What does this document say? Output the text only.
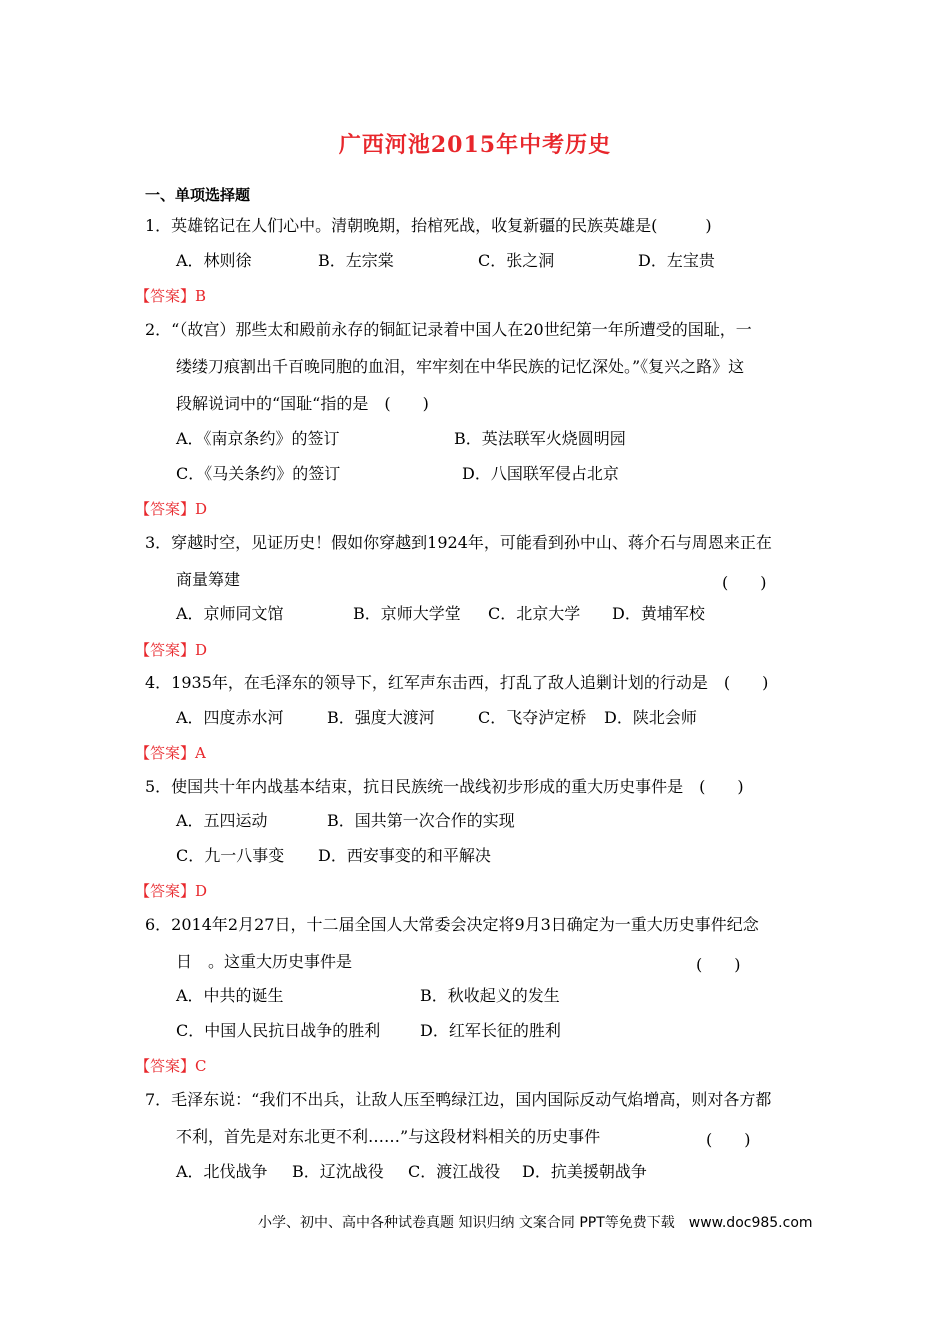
广西河池2015年中考历史
一、单项选择题
1．英雄铭记在人们心中。清朝晚期，抬棺死战，收复新疆的民族英雄是(　　　)
A．林则徐	B．左宗棠	C．张之洞	D．左宝贵
【答案】B
2．“（故宫）那些太和殿前永存的铜缸记录着中国人在20世纪第一年所遭受的国耻，一
缕缕刀痕割出千百晚同胞的血泪，牢牢刻在中华民族的记忆深处。”《复兴之路》这
段解说词中的“国耻“指的是　(　　)
A．《南京条约》的签订	B．英法联军火烧圆明园
C．《马关条约》的签订	D．八国联军侵占北京
【答案】D
3．穿越时空，见证历史！假如你穿越到1924年，可能看到孙中山、蒋介石与周恩来正在
商量筹建	(　　)
A．京师同文馆	B．京师大学堂 C．北京大学 D．黄埔军校
【答案】D
4．1935年，在毛泽东的领导下，红军声东击西，打乱了敌人追剿计划的行动是　(　　)
A．四度赤水河	B．强度大渡河	C．飞夺泸定桥 D．陕北会师
【答案】A
5．使国共十年内战基本结束，抗日民族统一战线初步形成的重大历史事件是　(　　)
A．五四运动	B．国共第一次合作的实现
C．九一八事变 D．西安事变的和平解决
【答案】D
6．2014年2月27日，十二届全国人大常委会决定将9月3日确定为一重大历史事件纪念
日　。这重大历史事件是	(　　)
A．中共的诞生	B．秋收起义的发生
C．中国人民抗日战争的胜利 D．红军长征的胜利
【答案】C
7．毛泽东说：“我们不出兵，让敌人压至鸭绿江边，国内国际反动气焰增高，则对各方都
不利，首先是对东北更不利……”与这段材料相关的历史事件	(　　)
A．北伐战争 B．辽沈战役 C．渡江战役 D．抗美援朝战争
小学、初中、高中各种试卷真题 知识归纳 文案合同 PPT等免费下载　www.doc985.com
